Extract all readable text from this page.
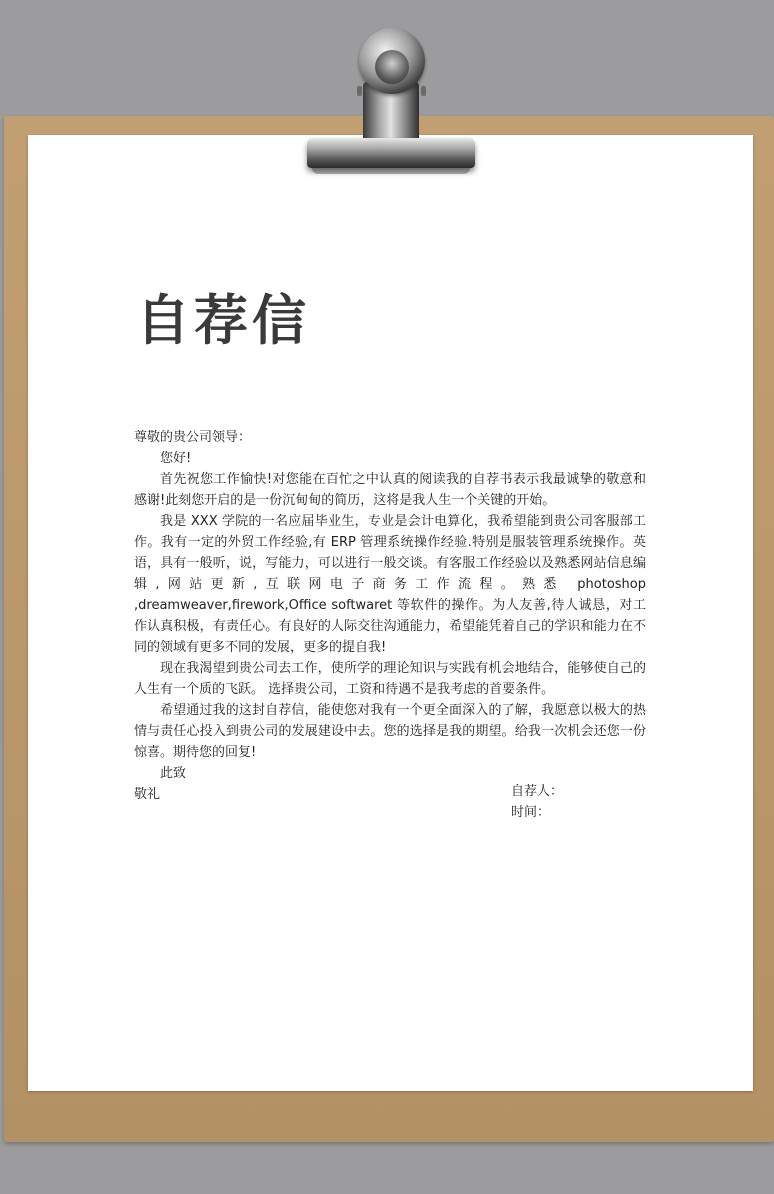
自荐信

尊敬的贵公司领导：

您好!

首先祝您工作愉快!对您能在百忙之中认真的阅读我的自荐书表示我最诚挚的敬意和感谢!此刻您开启的是一份沉甸甸的简历，这将是我人生一个关键的开始。

我是 XXX 学院的一名应届毕业生，专业是会计电算化，我希望能到贵公司客服部工作。我有一定的外贸工作经验,有 ERP 管理系统操作经验.特别是服装管理系统操作。英语，具有一般听，说，写能力，可以进行一般交谈。有客服工作经验以及熟悉网站信息编辑,网站更新,互联网电子商务工作流程。熟悉 photoshop ,dreamweaver,firework,Office softwaret 等软件的操作。为人友善,待人诚恳，对工作认真积极，有责任心。有良好的人际交往沟通能力，希望能凭着自己的学识和能力在不同的领域有更多不同的发展，更多的提自我!

现在我渴望到贵公司去工作，使所学的理论知识与实践有机会地结合，能够使自己的人生有一个质的飞跃。 选择贵公司，工资和待遇不是我考虑的首要条件。

希望通过我的这封自荐信，能使您对我有一个更全面深入的了解，我愿意以极大的热情与责任心投入到贵公司的发展建设中去。您的选择是我的期望。给我一次机会还您一份惊喜。期待您的回复!

此致

敬礼	自荐人：
时间：
